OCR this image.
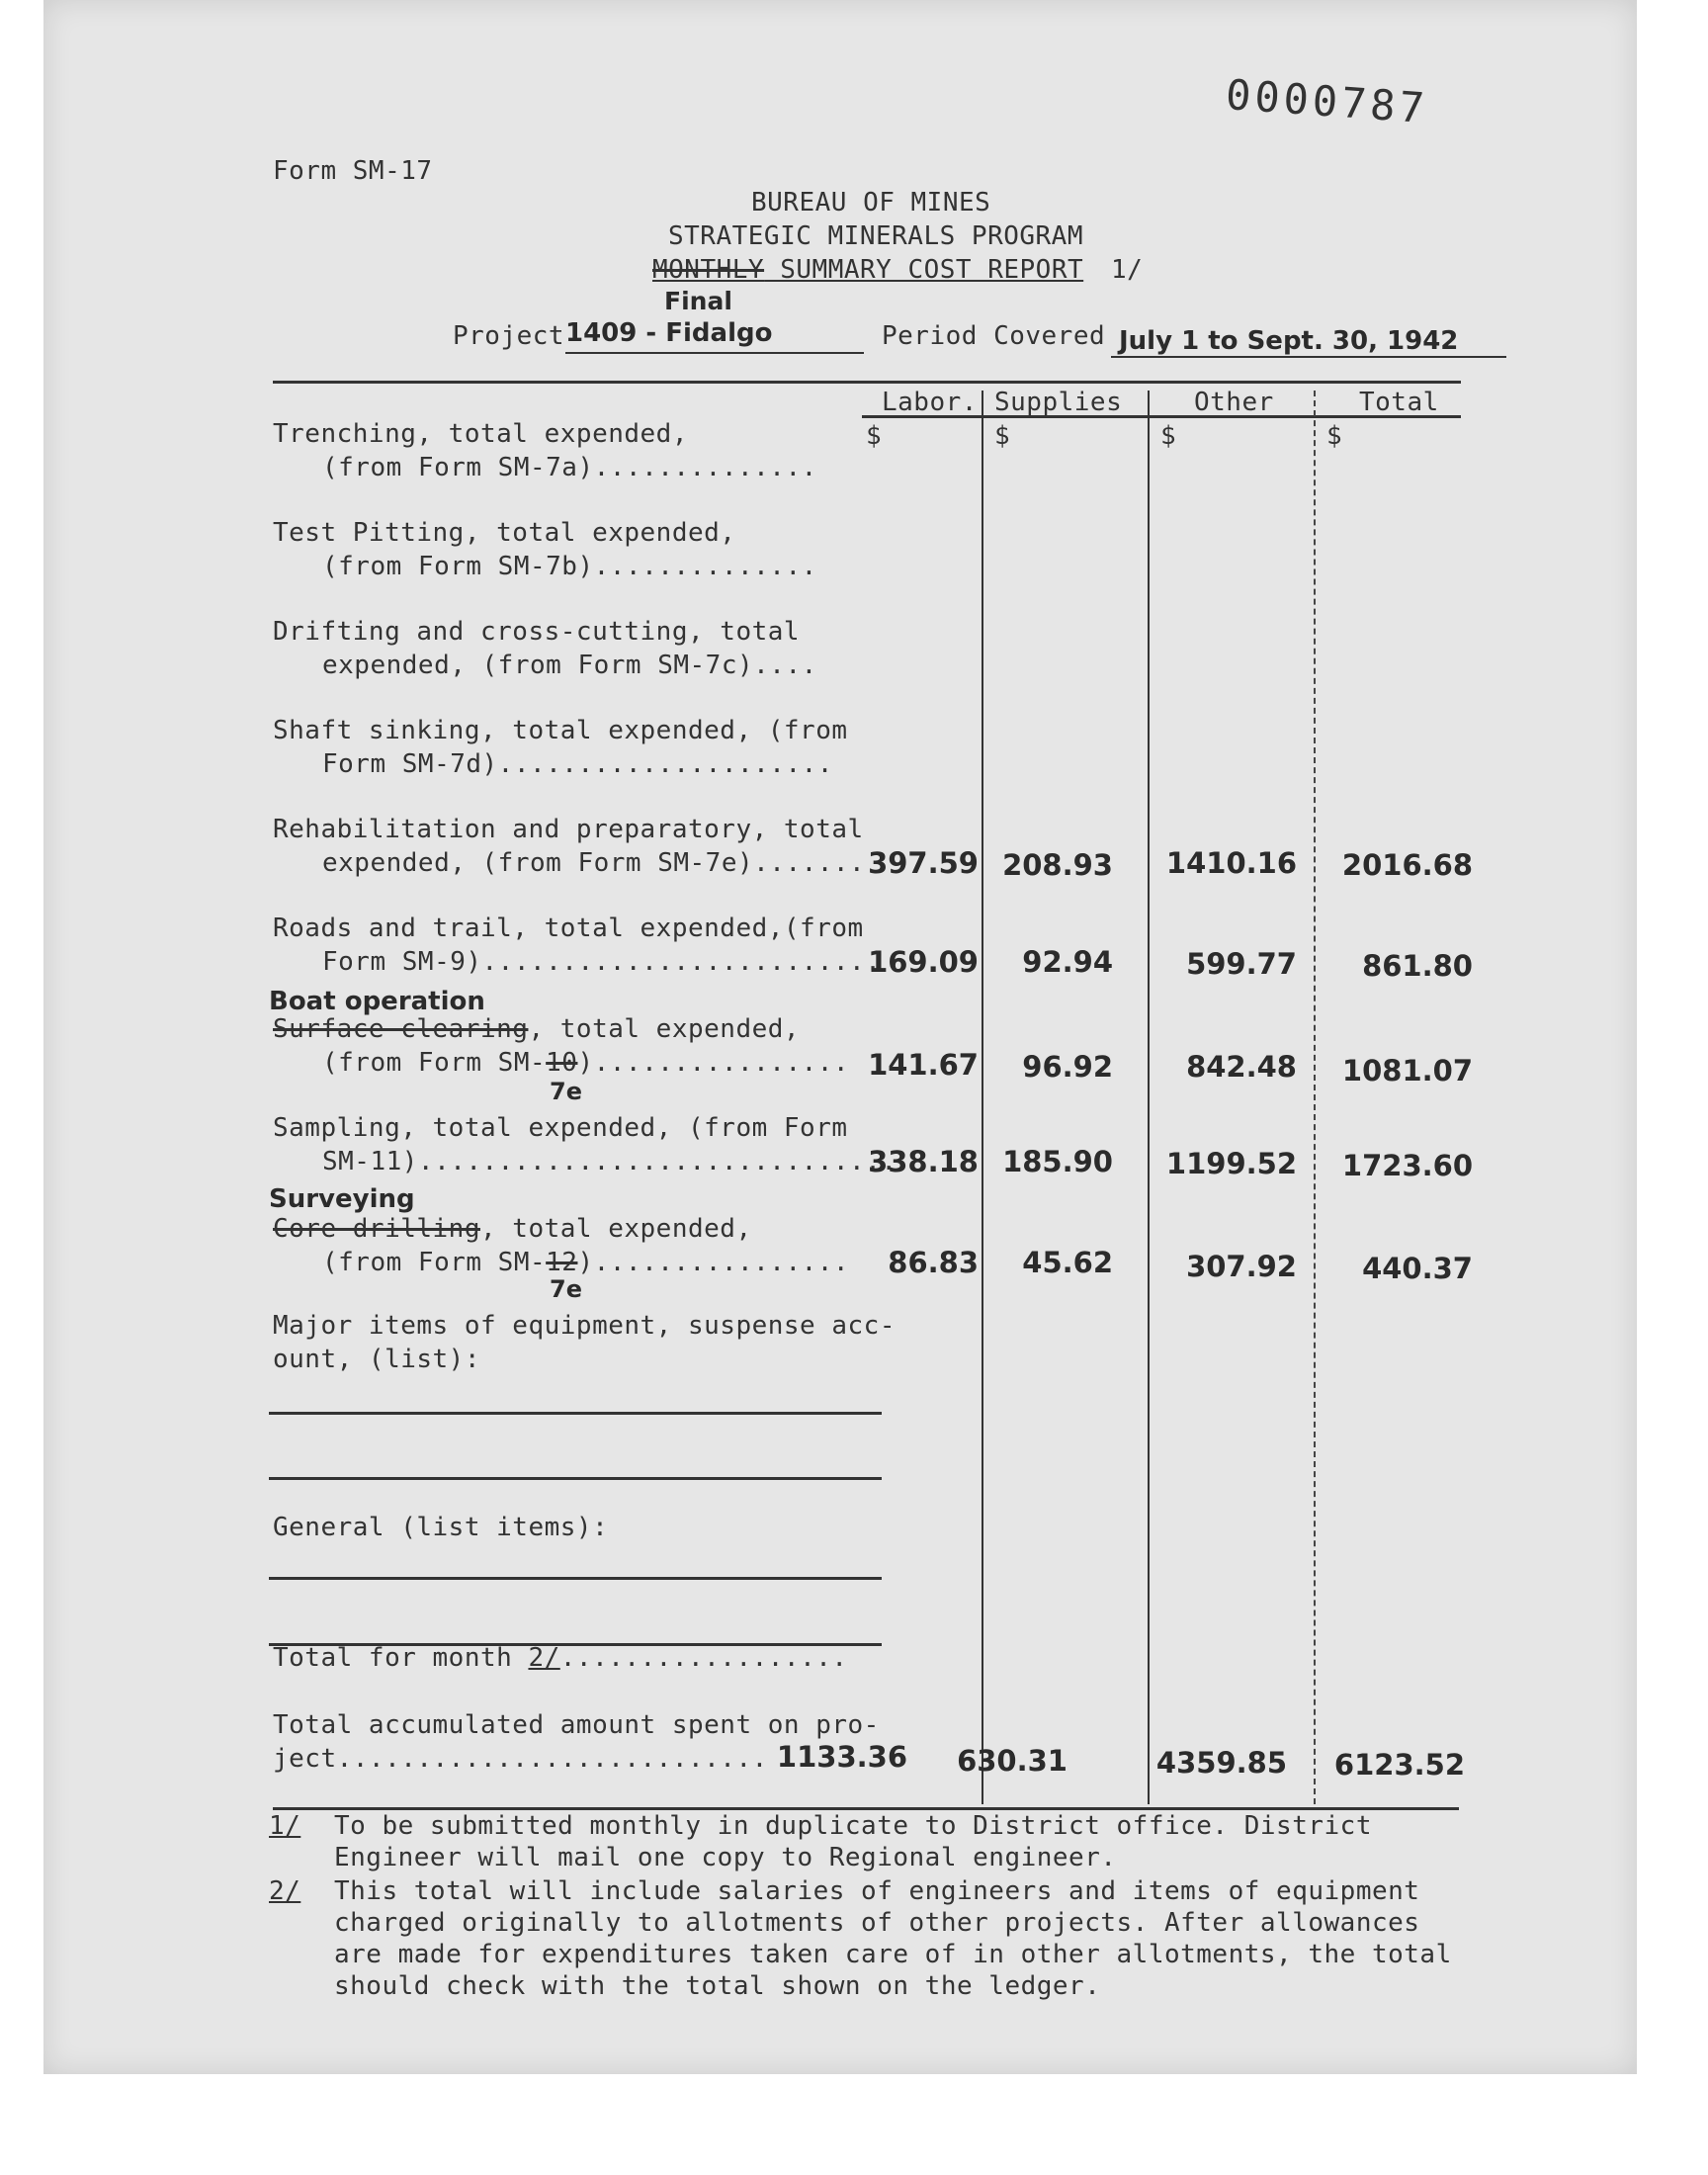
0000787
Form SM-17
BUREAU OF MINES
STRATEGIC MINERALS PROGRAM
MONTHLY SUMMARY COST REPORT 1/
Final
Project 1409 - Fidalgo	Period Covered July 1 to Sept. 30, 1942
Labor. Supplies	Other	Total
$	$	$	$
Trenching, total expended,
(from Form SM-7a)..............
Test Pitting, total expended,
(from Form SM-7b)..............
Drifting and cross-cutting, total
expended, (from Form SM-7c)....
Shaft sinking, total expended, (from
Form SM-7d).....................
Rehabilitation and preparatory, total
expended, (from Form SM-7e)....... 397.59 208.93	1410.16	2016.68
Roads and trail, total expended,(from
Form SM-9).........................
169.09	92.94	599.77	861.80
Boat operation
Surface clearing, total expended,
(from Form SM-10)................
7e
141.67	96.92	842.48	1081.07
Sampling, total expended, (from Form
SM-11)..............................
338.18 185.90	1199.52	1723.60
Surveying
Core drilling, total expended,
(from Form SM-12)................
7e
86.83	45.62	307.92	440.37
Major items of equipment, suspense acc-
ount, (list):
General (list items):
Total for month 2/..................
Total accumulated amount spent on pro-
ject........................... 1133.36	630.31	4359.85	6123.52
1/ To be submitted monthly in duplicate to District office. District
Engineer will mail one copy to Regional engineer.
2/ This total will include salaries of engineers and items of equipment
charged originally to allotments of other projects. After allowances
are made for expenditures taken care of in other allotments, the total
should check with the total shown on the ledger.
